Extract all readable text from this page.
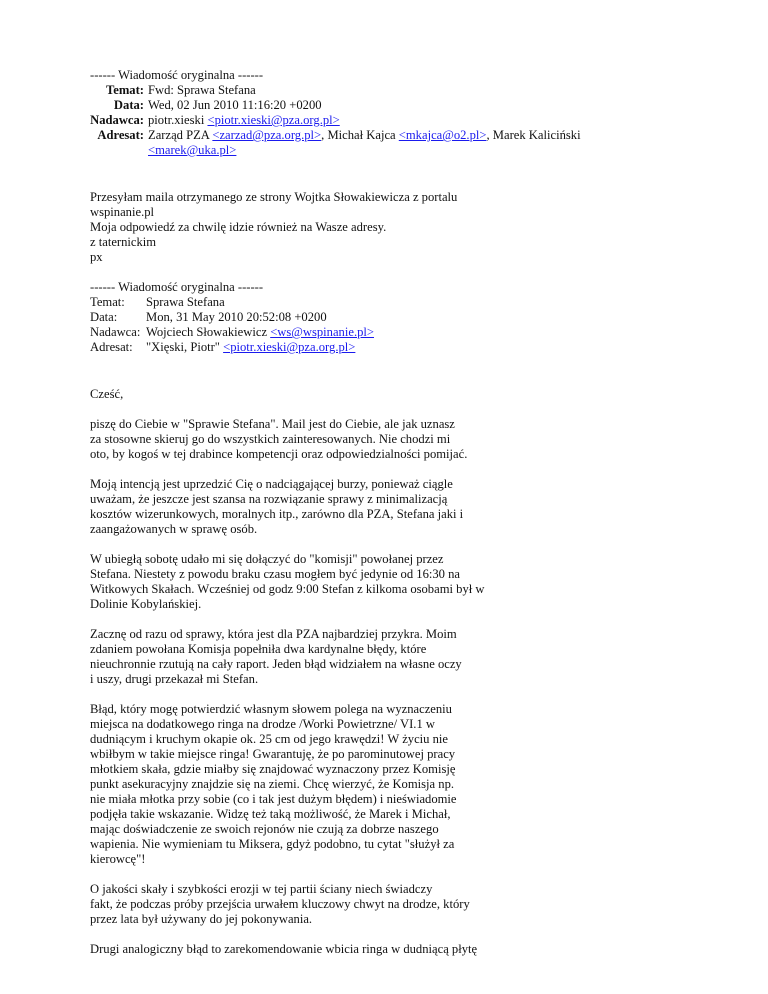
------ Wiadomość oryginalna ------

Temat: Fwd: Sprawa Stefana
Data: Wed, 02 Jun 2010 11:16:20 +0200
Nadawca: piotr.xieski <piotr.xieski@pza.org.pl>
Adresat: Zarząd PZA <zarzad@pza.org.pl>, Michał Kajca <mkajca@o2.pl>, Marek Kaliciński
<marek@uka.pl>

Przesyłam maila otrzymanego ze strony Wojtka Słowakiewicza z portalu

wspinanie.pl

Moja odpowiedź za chwilę idzie również na Wasze adresy.

z taternickim

px

------ Wiadomość oryginalna ------

Temat:	Sprawa Stefana
Data:	Mon, 31 May 2010 20:52:08 +0200
Nadawca: Wojciech Słowakiewicz <ws@wspinanie.pl>
Adresat:	"Xięski, Piotr" <piotr.xieski@pza.org.pl>

Cześć,

piszę do Ciebie w "Sprawie Stefana". Mail jest do Ciebie, ale jak uznasz
za stosowne skieruj go do wszystkich zainteresowanych. Nie chodzi mi
oto, by kogoś w tej drabince kompetencji oraz odpowiedzialności pomijać.

Moją intencją jest uprzedzić Cię o nadciągającej burzy, ponieważ ciągle
uważam, że jeszcze jest szansa na rozwiązanie sprawy z minimalizacją
kosztów wizerunkowych, moralnych itp., zarówno dla PZA, Stefana jaki i
zaangażowanych w sprawę osób.

W ubiegłą sobotę udało mi się dołączyć do "komisji" powołanej przez
Stefana. Niestety z powodu braku czasu mogłem być jedynie od 16:30 na
Witkowych Skałach. Wcześniej od godz 9:00 Stefan z kilkoma osobami był w
Dolinie Kobylańskiej.

Zacznę od razu od sprawy, która jest dla PZA najbardziej przykra. Moim
zdaniem powołana Komisja popełniła dwa kardynalne błędy, które
nieuchronnie rzutują na cały raport. Jeden błąd widziałem na własne oczy
i uszy, drugi przekazał mi Stefan.

Błąd, który mogę potwierdzić własnym słowem polega na wyznaczeniu
miejsca na dodatkowego ringa na drodze /Worki Powietrzne/ VI.1 w
dudniącym i kruchym okapie ok. 25 cm od jego krawędzi! W życiu nie
wbiłbym w takie miejsce ringa! Gwarantuję, że po parominutowej pracy
młotkiem skała, gdzie miałby się znajdować wyznaczony przez Komisję
punkt asekuracyjny znajdzie się na ziemi. Chcę wierzyć, że Komisja np.
nie miała młotka przy sobie (co i tak jest dużym błędem) i nieświadomie
podjęła takie wskazanie. Widzę też taką możliwość, że Marek i Michał,
mając doświadczenie ze swoich rejonów nie czują za dobrze naszego
wapienia. Nie wymieniam tu Miksera, gdyż podobno, tu cytat "służył za
kierowcę"!

O jakości skały i szybkości erozji w tej partii ściany niech świadczy
fakt, że podczas próby przejścia urwałem kluczowy chwyt na drodze, który
przez lata był używany do jej pokonywania.

Drugi analogiczny błąd to zarekomendowanie wbicia ringa w dudniącą płytę
